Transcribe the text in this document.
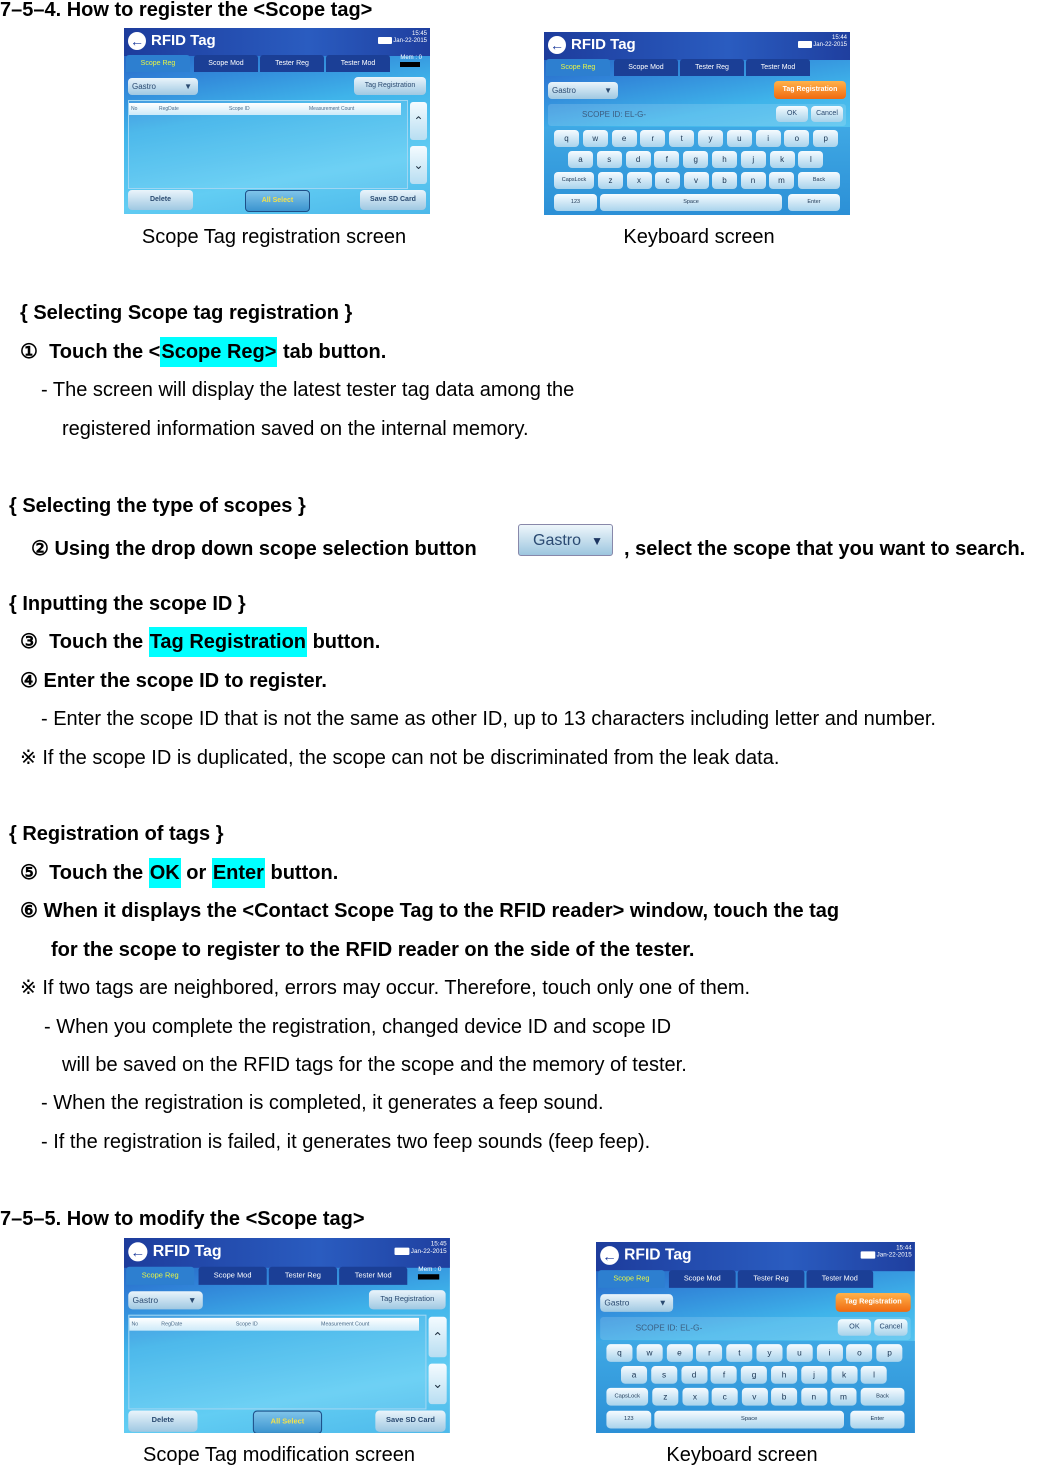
7–5–4. How to register the <Scope tag>
← RFID Tag	15:45
Jan-22-2015
Scope Reg	Scope Mod	Tester Reg	Tester Mod
Gastro	▼	Tag Registration
Mem : 0
No	RegDate	Scope ID	Measurement Count
⌃
⌄
Delete	All Select	Save SD Card
← RFID Tag	15:44
Jan-22-2015
Scope Reg	Scope Mod	Tester Reg	Tester Mod
Gastro	▼	Tag Registration
SCOPE ID: EL-G-	OK	Cancel
q	w	e	r	t	y	u	i	o	p
a	s	d	f	g	h	j	k	l
CapsLock	z	x	c	v	b	n	m	Back
123	Space	Enter
Scope Tag registration screen	Keyboard screen
{ Selecting Scope tag registration }
① Touch the <Scope Reg> tab button.
- The screen will display the latest tester tag data among the
registered information saved on the internal memory.
{ Selecting the type of scopes }
② Using the drop down scope selection button	Gastro ▼ , select the scope that you want to search.
{ Inputting the scope ID }
③ Touch the Tag Registration button.
④ Enter the scope ID to register.
- Enter the scope ID that is not the same as other ID, up to 13 characters including letter and number.
※ If the scope ID is duplicated, the scope can not be discriminated from the leak data.
{ Registration of tags }
⑤ Touch the OK or Enter button.
⑥ When it displays the <Contact Scope Tag to the RFID reader> window, touch the tag
for the scope to register to the RFID reader on the side of the tester.
※ If two tags are neighbored, errors may occur. Therefore, touch only one of them.
- When you complete the registration, changed device ID and scope ID
will be saved on the RFID tags for the scope and the memory of tester.
- When the registration is completed, it generates a feep sound.
- If the registration is failed, it generates two feep sounds (feep feep).
7–5–5. How to modify the <Scope tag>
← RFID Tag	15:45
Jan-22-2015
Scope Reg	Scope Mod	Tester Reg	Tester Mod
Gastro	▼	Tag Registration
Mem : 0
No	RegDate	Scope ID	Measurement Count
⌃
⌄
Delete	All Select	Save SD Card
← RFID Tag	15:44
Jan-22-2015
Scope Reg	Scope Mod	Tester Reg	Tester Mod
Gastro	▼	Tag Registration
SCOPE ID: EL-G-	OK	Cancel
q	w	e	r	t	y	u	i	o	p
a	s	d	f	g	h	j	k	l
CapsLock	z	x	c	v	b	n	m	Back
123	Space	Enter
Scope Tag modification screen	Keyboard screen
